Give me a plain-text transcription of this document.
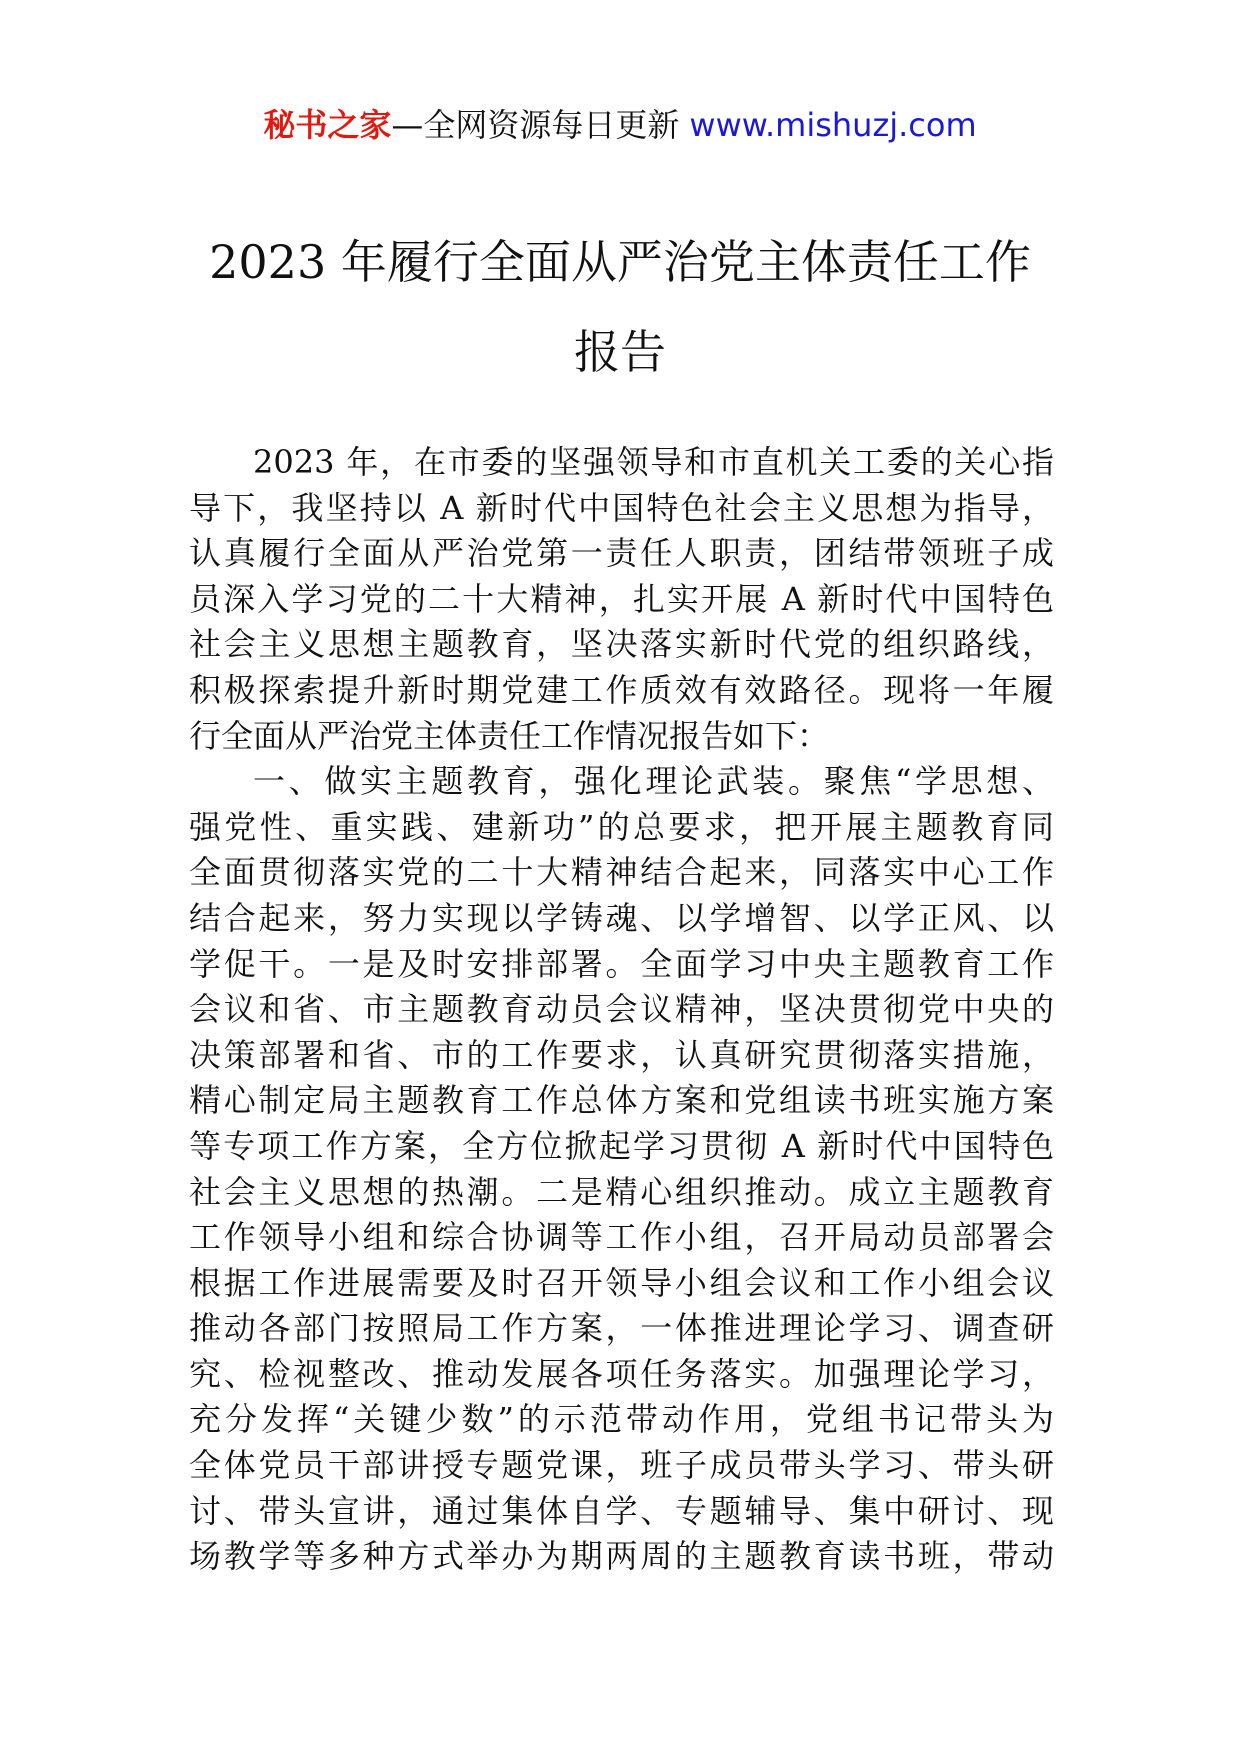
秘书之家—全网资源每日更新 www.mishuzj.com
2023 年履行全面从严治党主体责任工作
报告
2023 年，在市委的坚强领导和市直机关工委的关心指
导下，我坚持以 A 新时代中国特色社会主义思想为指导，
认真履行全面从严治党第一责任人职责，团结带领班子成
员深入学习党的二十大精神，扎实开展 A 新时代中国特色
社会主义思想主题教育，坚决落实新时代党的组织路线，
积极探索提升新时期党建工作质效有效路径。现将一年履
行全面从严治党主体责任工作情况报告如下：
一、做实主题教育，强化理论武装。聚焦“学思想、
强党性、重实践、建新功”的总要求，把开展主题教育同
全面贯彻落实党的二十大精神结合起来，同落实中心工作
结合起来，努力实现以学铸魂、以学增智、以学正风、以
学促干。一是及时安排部署。全面学习中央主题教育工作
会议和省、市主题教育动员会议精神，坚决贯彻党中央的
决策部署和省、市的工作要求，认真研究贯彻落实措施，
精心制定局主题教育工作总体方案和党组读书班实施方案
等专项工作方案，全方位掀起学习贯彻 A 新时代中国特色
社会主义思想的热潮。二是精心组织推动。成立主题教育
工作领导小组和综合协调等工作小组，召开局动员部署会
根据工作进展需要及时召开领导小组会议和工作小组会议
推动各部门按照局工作方案，一体推进理论学习、调查研
究、检视整改、推动发展各项任务落实。加强理论学习，
充分发挥“关键少数”的示范带动作用，党组书记带头为
全体党员干部讲授专题党课，班子成员带头学习、带头研
讨、带头宣讲，通过集体自学、专题辅导、集中研讨、现
场教学等多种方式举办为期两周的主题教育读书班，带动
